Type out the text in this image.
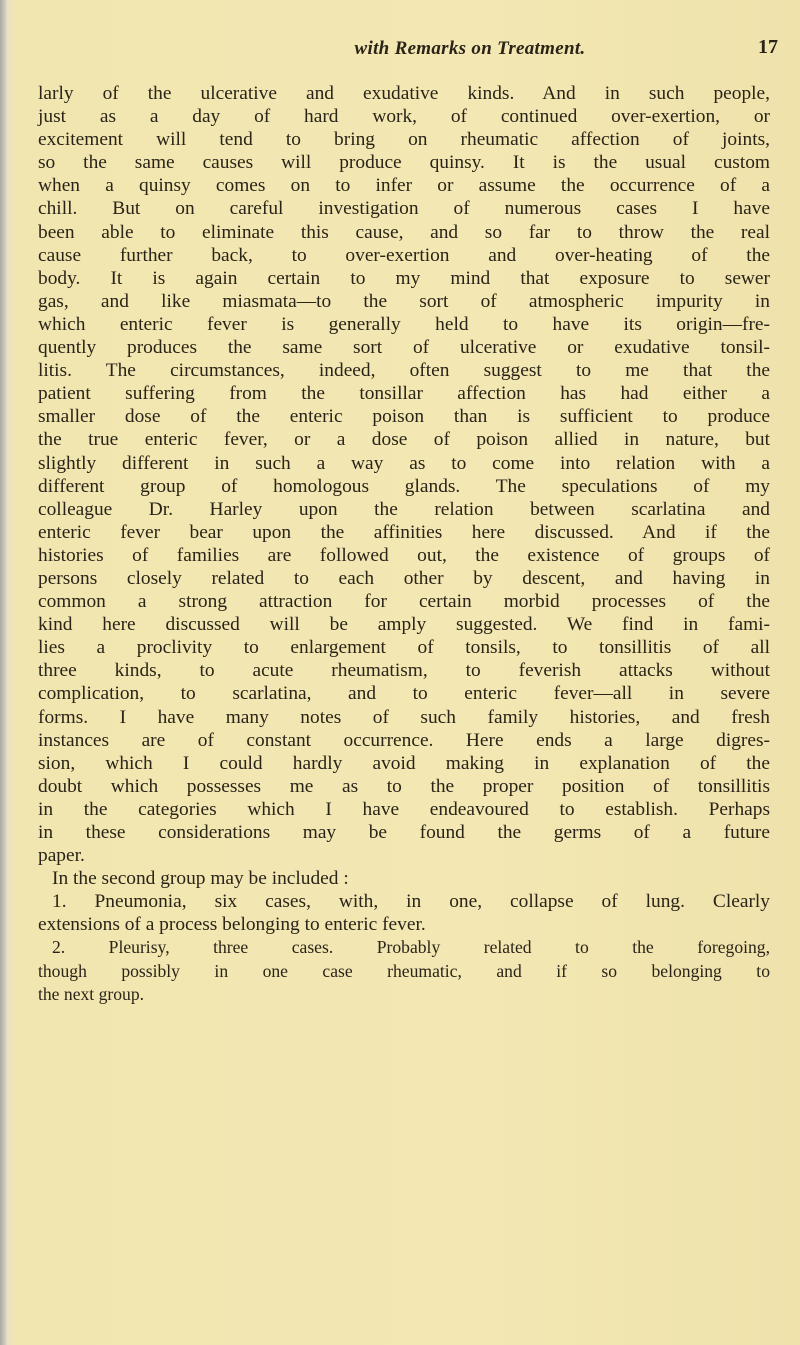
with Remarks on Treatment.	17
larly of the ulcerative and exudative kinds. And in such people,
just as a day of hard work, of continued over-exertion, or
excitement will tend to bring on rheumatic affection of joints,
so the same causes will produce quinsy. It is the usual custom
when a quinsy comes on to infer or assume the occurrence of a
chill. But on careful investigation of numerous cases I have
been able to eliminate this cause, and so far to throw the real
cause further back, to over-exertion and over-heating of the
body. It is again certain to my mind that exposure to sewer
gas, and like miasmata—to the sort of atmospheric impurity in
which enteric fever is generally held to have its origin—fre-
quently produces the same sort of ulcerative or exudative tonsil-
litis. The circumstances, indeed, often suggest to me that the
patient suffering from the tonsillar affection has had either a
smaller dose of the enteric poison than is sufficient to produce
the true enteric fever, or a dose of poison allied in nature, but
slightly different in such a way as to come into relation with a
different group of homologous glands. The speculations of my
colleague Dr. Harley upon the relation between scarlatina and
enteric fever bear upon the affinities here discussed. And if the
histories of families are followed out, the existence of groups of
persons closely related to each other by descent, and having in
common a strong attraction for certain morbid processes of the
kind here discussed will be amply suggested. We find in fami-
lies a proclivity to enlargement of tonsils, to tonsillitis of all
three kinds, to acute rheumatism, to feverish attacks without
complication, to scarlatina, and to enteric fever—all in severe
forms. I have many notes of such family histories, and fresh
instances are of constant occurrence. Here ends a large digres-
sion, which I could hardly avoid making in explanation of the
doubt which possesses me as to the proper position of tonsillitis
in the categories which I have endeavoured to establish. Perhaps
in these considerations may be found the germs of a future
paper.
In the second group may be included :
1. Pneumonia, six cases, with, in one, collapse of lung. Clearly
extensions of a process belonging to enteric fever.
2. Pleurisy, three cases. Probably related to the foregoing,
though possibly in one case rheumatic, and if so belonging to
the next group.
